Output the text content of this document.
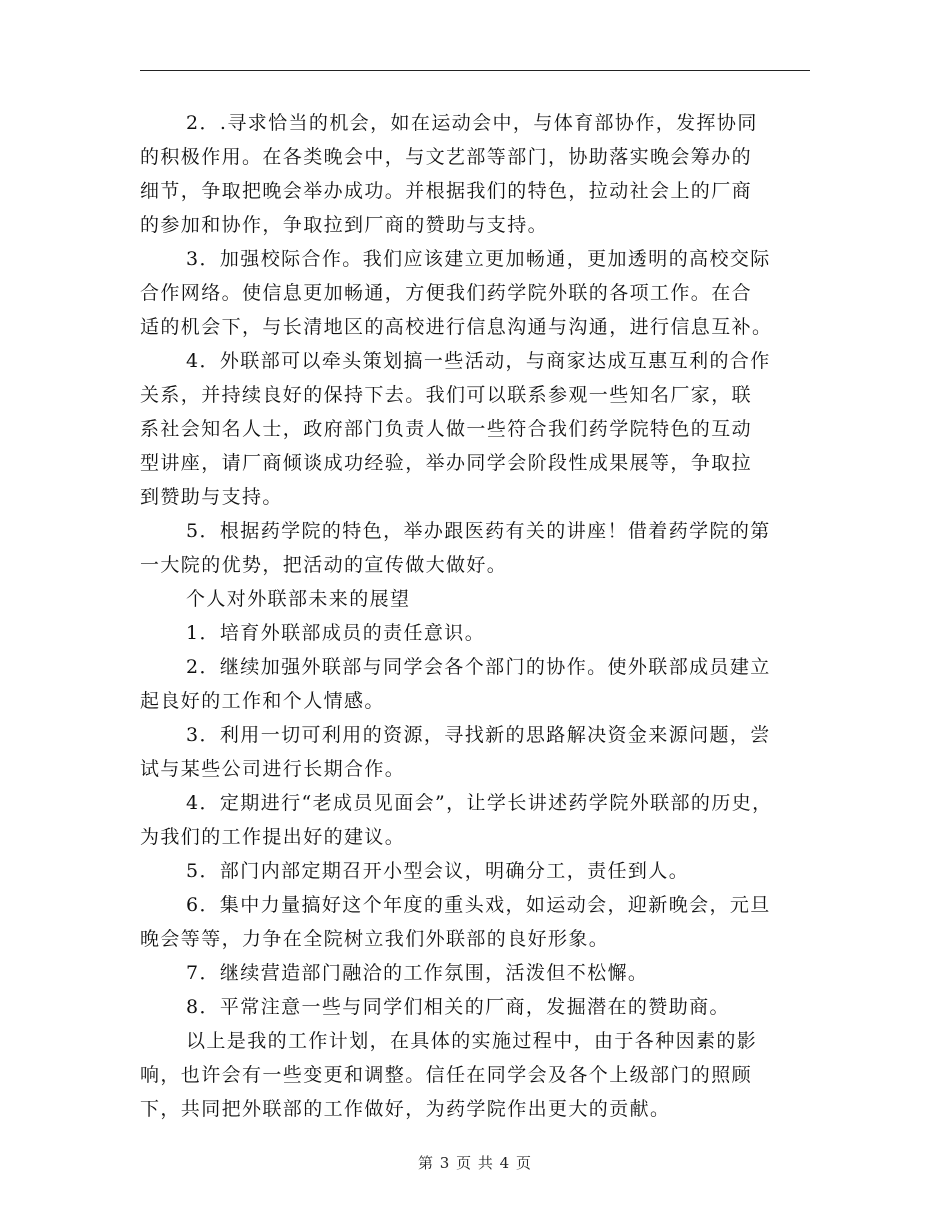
2．.寻求恰当的机会，如在运动会中，与体育部协作，发挥协同
的积极作用。在各类晚会中，与文艺部等部门，协助落实晚会筹办的
细节，争取把晚会举办成功。并根据我们的特色，拉动社会上的厂商
的参加和协作，争取拉到厂商的赞助与支持。
3．加强校际合作。我们应该建立更加畅通，更加透明的高校交际
合作网络。使信息更加畅通，方便我们药学院外联的各项工作。在合
适的机会下，与长清地区的高校进行信息沟通与沟通，进行信息互补。
4．外联部可以牵头策划搞一些活动，与商家达成互惠互利的合作
关系，并持续良好的保持下去。我们可以联系参观一些知名厂家，联
系社会知名人士，政府部门负责人做一些符合我们药学院特色的互动
型讲座，请厂商倾谈成功经验，举办同学会阶段性成果展等，争取拉
到赞助与支持。
5．根据药学院的特色，举办跟医药有关的讲座！借着药学院的第
一大院的优势，把活动的宣传做大做好。
个人对外联部未来的展望
1．培育外联部成员的责任意识。
2．继续加强外联部与同学会各个部门的协作。使外联部成员建立
起良好的工作和个人情感。
3．利用一切可利用的资源，寻找新的思路解决资金来源问题，尝
试与某些公司进行长期合作。
4．定期进行“老成员见面会”，让学长讲述药学院外联部的历史，
为我们的工作提出好的建议。
5．部门内部定期召开小型会议，明确分工，责任到人。
6．集中力量搞好这个年度的重头戏，如运动会，迎新晚会，元旦
晚会等等，力争在全院树立我们外联部的良好形象。
7．继续营造部门融洽的工作氛围，活泼但不松懈。
8．平常注意一些与同学们相关的厂商，发掘潜在的赞助商。
以上是我的工作计划，在具体的实施过程中，由于各种因素的影
响，也许会有一些变更和调整。信任在同学会及各个上级部门的照顾
下，共同把外联部的工作做好，为药学院作出更大的贡献。
第 3 页 共 4 页
